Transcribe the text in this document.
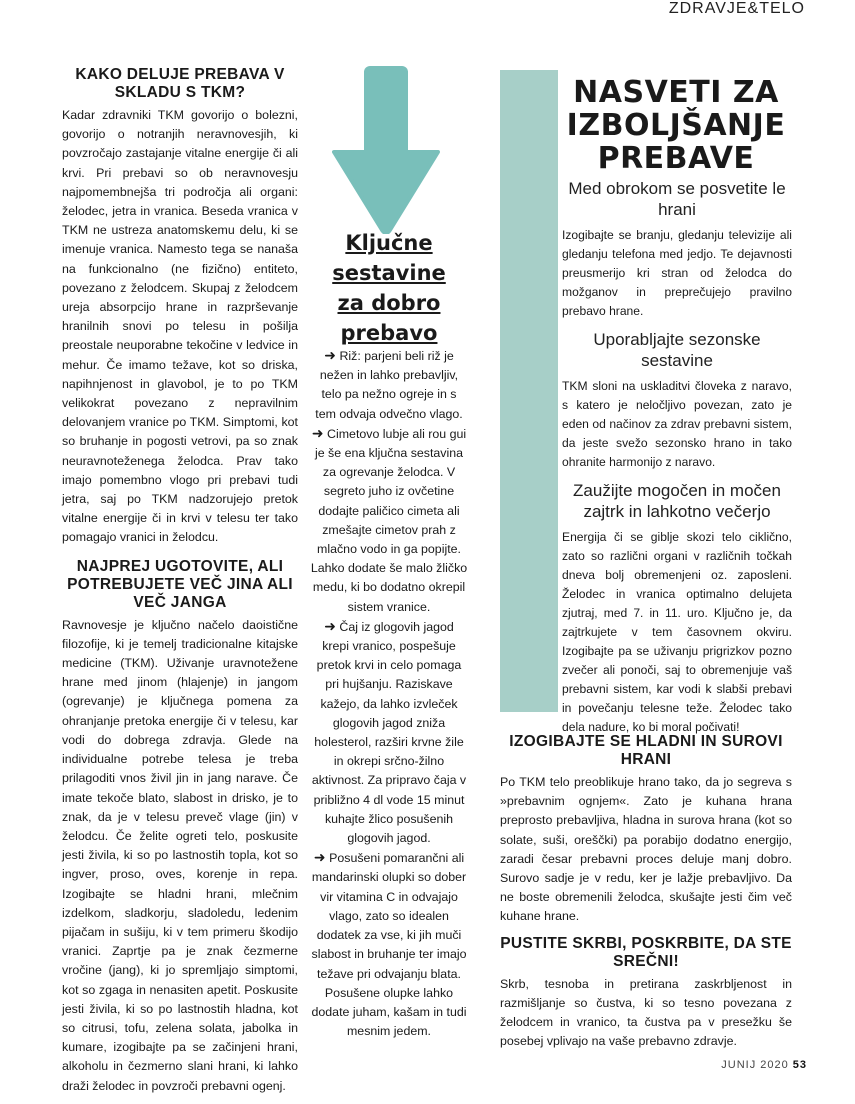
ZDRAVJE&TELO
KAKO DELUJE PREBAVA V SKLADU S TKM?

Kadar zdravniki TKM govorijo o bolezni, govorijo o notranjih neravnovesjih, ki povzročajo zastajanje vitalne energije či ali krvi. Pri prebavi so ob neravnovesju najpomembnejša tri področja ali organi: želodec, jetra in vranica. Beseda vranica v TKM ne ustreza anatomskemu delu, ki se imenuje vranica. Namesto tega se nanaša na funkcionalno (ne fizično) entiteto, povezano z želodcem. Skupaj z želodcem ureja absorpcijo hrane in razprševanje hranilnih snovi po telesu in pošilja preostale neuporabne tekočine v ledvice in mehur. Če imamo težave, kot so driska, napihnjenost in glavobol, je to po TKM velikokrat povezano z nepravilnim delovanjem vranice po TKM. Simptomi, kot so bruhanje in pogosti vetrovi, pa so znak neuravnoteženega želodca. Prav tako imajo pomembno vlogo pri prebavi tudi jetra, saj po TKM nadzorujejo pretok vitalne energije či in krvi v telesu ter tako pomagajo vranici in želodcu.

NAJPREJ UGOTOVITE, ALI POTREBUJETE VEČ JINA ALI VEČ JANGA

Ravnovesje je ključno načelo daoistične filozofije, ki je temelj tradicionalne kitajske medicine (TKM). Uživanje uravnotežene hrane med jinom (hlajenje) in jangom (ogrevanje) je ključnega pomena za ohranjanje pretoka energije či v telesu, kar vodi do dobrega zdravja. Glede na individualne potrebe telesa je treba prilagoditi vnos živil jin in jang narave. Če imate tekoče blato, slabost in drisko, je to znak, da je v telesu preveč vlage (jin) v želodcu. Če želite ogreti telo, poskusite jesti živila, ki so po lastnostih topla, kot so ingver, proso, oves, korenje in repa. Izogibajte se hladni hrani, mlečnim izdelkom, sladkorju, sladoledu, ledenim pijačam in sušiju, ki v tem primeru škodijo vranici. Zaprtje pa je znak čezmerne vročine (jang), ki jo spremljajo simptomi, kot so zgaga in nenasiten apetit. Poskusite jesti živila, ki so po lastnostih hladna, kot so citrusi, tofu, zelena solata, jabolka in kumare, izogibajte pa se začinjeni hrani, alkoholu in čezmerno slani hrani, ki lahko draži želodec in povzroči prebavni ogenj.

Ključne sestavine za dobro prebavo

➜ Riž: parjeni beli riž je nežen in lahko prebavljiv, telo pa nežno ogreje in s tem odvaja odvečno vlago.

➜ Cimetovo lubje ali rou gui je še ena ključna sestavina za ogrevanje želodca. V segreto juho iz ovčetine dodajte paličico cimeta ali zmešajte cimetov prah z mlačno vodo in ga popijte. Lahko dodate še malo žličko medu, ki bo dodatno okrepil sistem vranice.

➜ Čaj iz glogovih jagod krepi vranico, pospešuje pretok krvi in celo pomaga pri hujšanju. Raziskave kažejo, da lahko izvleček glogovih jagod zniža holesterol, razširi krvne žile in okrepi srčno-žilno aktivnost. Za pripravo čaja v približno 4 dl vode 15 minut kuhajte žlico posušenih glogovih jagod.

➜ Posušeni pomarančni ali mandarinski olupki so dober vir vitamina C in odvajajo vlago, zato so idealen dodatek za vse, ki jih muči slabost in bruhanje ter imajo težave pri odvajanju blata. Posušene olupke lahko dodate juham, kašam in tudi mesnim jedem.

NASVETI ZA IZBOLJŠANJE PREBAVE
Med obrokom se posvetite le hrani

Izogibajte se branju, gledanju televizije ali gledanju telefona med jedjo. Te dejavnosti preusmerijo kri stran od želodca do možganov in preprečujejo pravilno prebavo hrane.

Uporabljajte sezonske sestavine

TKM sloni na uskladitvi človeka z naravo, s katero je neločljivo povezan, zato je eden od načinov za zdrav prebavni sistem, da jeste svežo sezonsko hrano in tako ohranite harmonijo z naravo.

Zaužijte mogočen in močen zajtrk in lahkotno večerjo

Energija či se giblje skozi telo ciklično, zato so različni organi v različnih točkah dneva bolj obremenjeni oz. zaposleni. Želodec in vranica optimalno delujeta zjutraj, med 7. in 11. uro. Ključno je, da zajtrkujete v tem časovnem okviru. Izogibajte pa se uživanju prigrizkov pozno zvečer ali ponoči, saj to obremenjuje vaš prebavni sistem, kar vodi k slabši prebavi in povečanju telesne teže. Želodec tako dela nadure, ko bi moral počivati!

IZOGIBAJTE SE HLADNI IN SUROVI HRANI

Po TKM telo preoblikuje hrano tako, da jo segreva s »prebavnim ognjem«. Zato je kuhana hrana preprosto prebavljiva, hladna in surova hrana (kot so solate, suši, oreščki) pa porabijo dodatno energijo, zaradi česar prebavni proces deluje manj dobro. Surovo sadje je v redu, ker je lažje prebavljivo. Da ne boste obremenili želodca, skušajte jesti čim več kuhane hrane.

PUSTITE SKRBI, POSKRBITE, DA STE SREČNI!

Skrb, tesnoba in pretirana zaskrbljenost in razmišljanje so čustva, ki so tesno povezana z želodcem in vranico, ta čustva pa v presežku še posebej vplivajo na vaše prebavno zdravje.

JUNIJ 2020 53
